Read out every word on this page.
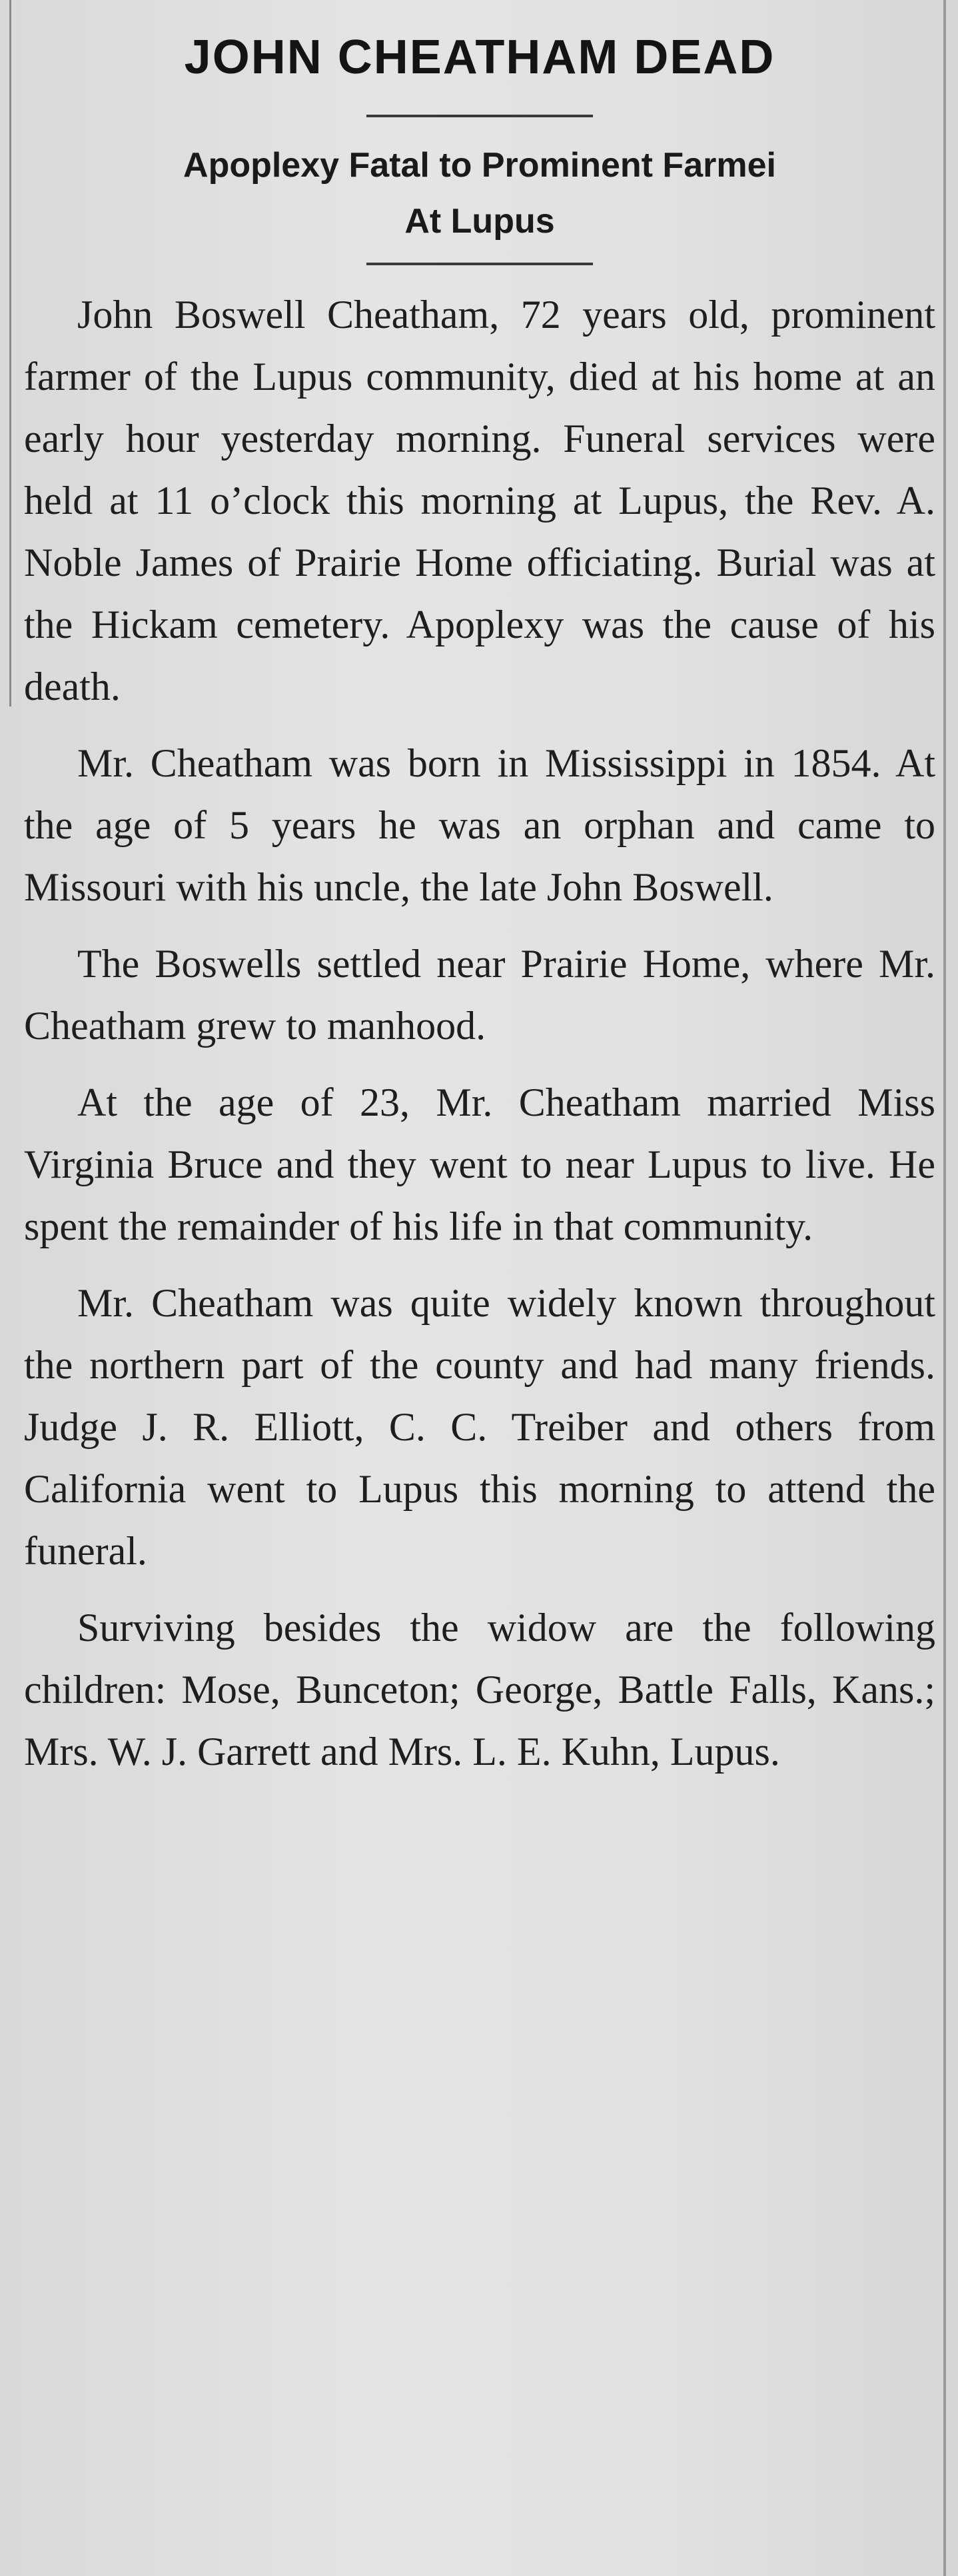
JOHN CHEATHAM DEAD

Apoplexy Fatal to Prominent Farmei

At Lupus

John Boswell Cheatham, 72 years old, prominent farmer of the Lupus community, died at his home at an early hour yesterday morning. Funeral services were held at 11 o’clock this morning at Lupus, the Rev. A. Noble James of Prairie Home officiating. Burial was at the Hickam cemetery. Apoplexy was the cause of his death.

Mr. Cheatham was born in Mississippi in 1854. At the age of 5 years he was an orphan and came to Missouri with his uncle, the late John Boswell.

The Boswells settled near Prairie Home, where Mr. Cheatham grew to manhood.

At the age of 23, Mr. Cheatham married Miss Virginia Bruce and they went to near Lupus to live. He spent the remainder of his life in that community.

Mr. Cheatham was quite widely known throughout the northern part of the county and had many friends. Judge J. R. Elliott, C. C. Treiber and others from California went to Lupus this morning to attend the funeral.

Surviving besides the widow are the following children: Mose, Bunceton; George, Battle Falls, Kans.; Mrs. W. J. Garrett and Mrs. L. E. Kuhn, Lupus.
